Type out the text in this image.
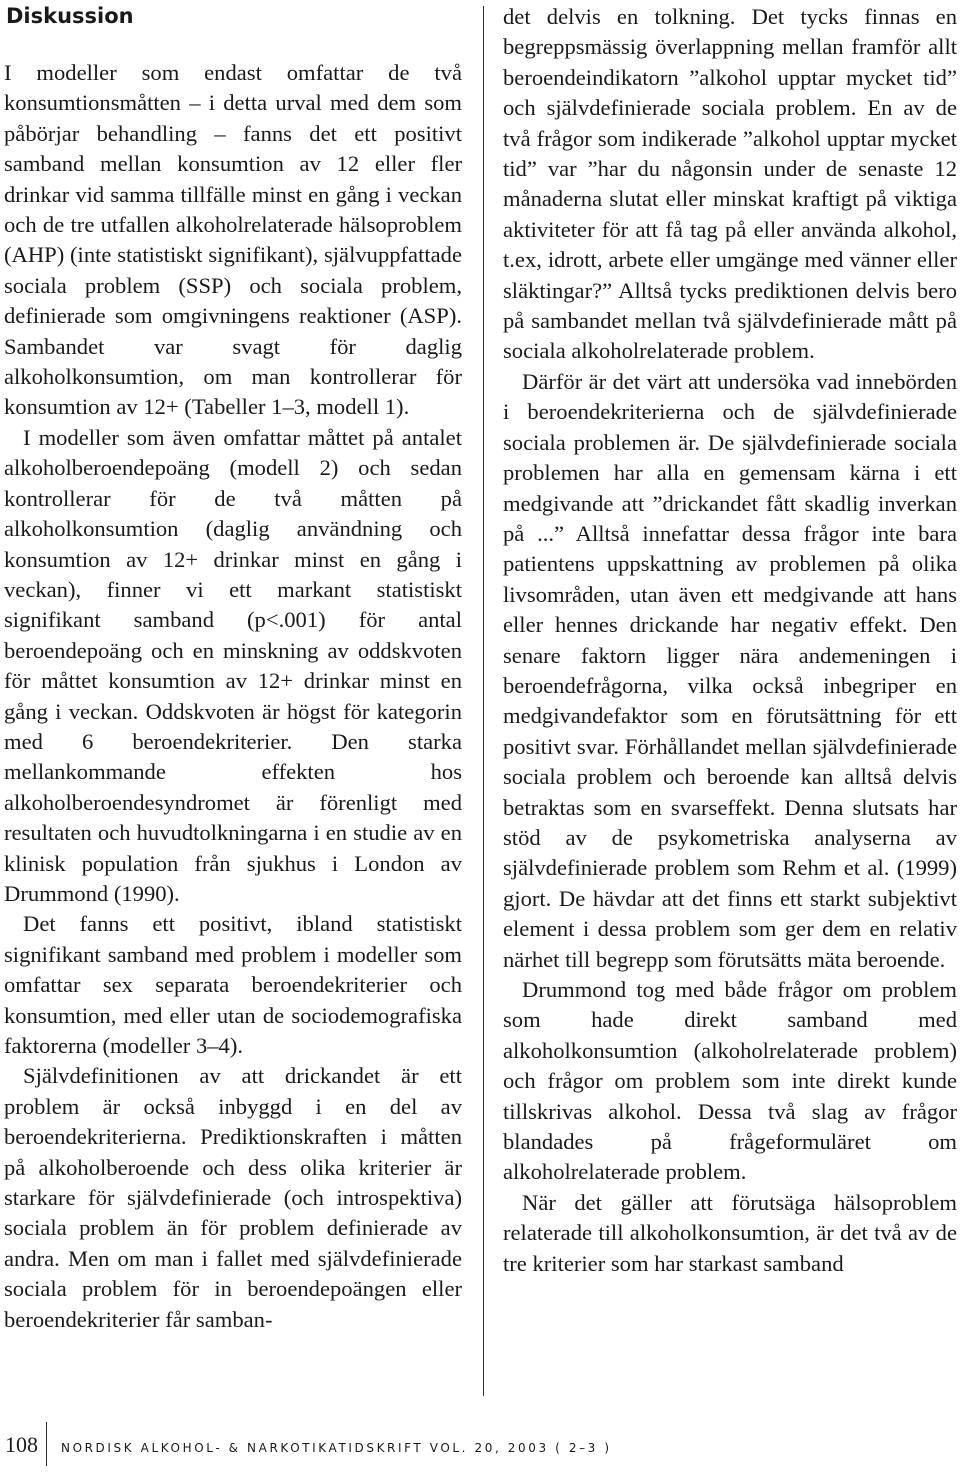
Diskussion

I modeller som endast omfattar de två konsumtionsmåtten – i detta urval med dem som påbörjar behandling – fanns det ett positivt samband mellan konsumtion av 12 eller fler drinkar vid samma tillfälle minst en gång i veckan och de tre utfallen alkoholrelaterade hälsoproblem (AHP) (inte statistiskt signifikant), självuppfattade sociala problem (SSP) och sociala problem, definierade som omgivningens reaktioner (ASP). Sambandet var svagt för daglig alkoholkonsumtion, om man kontrollerar för konsumtion av 12+ (Tabeller 1–3, modell 1).

I modeller som även omfattar måttet på antalet alkoholberoendepoäng (modell 2) och sedan kontrollerar för de två måtten på alkoholkonsumtion (daglig användning och konsumtion av 12+ drinkar minst en gång i veckan), finner vi ett markant statistiskt signifikant samband (p<.001) för antal beroendepoäng och en minskning av oddskvoten för måttet konsumtion av 12+ drinkar minst en gång i veckan. Oddskvoten är högst för kategorin med 6 beroendekriterier. Den starka mellankommande effekten hos alkoholberoendesyndromet är förenligt med resultaten och huvudtolkningarna i en studie av en klinisk population från sjukhus i London av Drummond (1990).

Det fanns ett positivt, ibland statistiskt signifikant samband med problem i modeller som omfattar sex separata beroendekriterier och konsumtion, med eller utan de sociodemografiska faktorerna (modeller 3–4).

Självdefinitionen av att drickandet är ett problem är också inbyggd i en del av beroendekriterierna. Prediktionskraften i måtten på alkoholberoende och dess olika kriterier är starkare för självdefinierade (och introspektiva) sociala problem än för problem definierade av andra. Men om man i fallet med självdefinierade sociala problem för in beroendepoängen eller beroendekriterier får samban-

det delvis en tolkning. Det tycks finnas en begreppsmässig överlappning mellan framför allt beroendeindikatorn ”alkohol upptar mycket tid” och självdefinierade sociala problem. En av de två frågor som indikerade ”alkohol upptar mycket tid” var ”har du någonsin under de senaste 12 månaderna slutat eller minskat kraftigt på viktiga aktiviteter för att få tag på eller använda alkohol, t.ex, idrott, arbete eller umgänge med vänner eller släktingar?” Alltså tycks prediktionen delvis bero på sambandet mellan två självdefinierade mått på sociala alkoholrelaterade problem.

Därför är det värt att undersöka vad innebörden i beroendekriterierna och de självdefinierade sociala problemen är. De självdefinierade sociala problemen har alla en gemensam kärna i ett medgivande att ”drickandet fått skadlig inverkan på ...” Alltså innefattar dessa frågor inte bara patientens uppskattning av problemen på olika livsområden, utan även ett medgivande att hans eller hennes drickande har negativ effekt. Den senare faktorn ligger nära andemeningen i beroendefrågorna, vilka också inbegriper en medgivandefaktor som en förutsättning för ett positivt svar. Förhållandet mellan självdefinierade sociala problem och beroende kan alltså delvis betraktas som en svarseffekt. Denna slutsats har stöd av de psykometriska analyserna av självdefinierade problem som Rehm et al. (1999) gjort. De hävdar att det finns ett starkt subjektivt element i dessa problem som ger dem en relativ närhet till begrepp som förutsätts mäta beroende.

Drummond tog med både frågor om problem som hade direkt samband med alkoholkonsumtion (alkoholrelaterade problem) och frågor om problem som inte direkt kunde tillskrivas alkohol. Dessa två slag av frågor blandades på frågeformuläret om alkoholrelaterade problem.

När det gäller att förutsäga hälsoproblem relaterade till alkoholkonsumtion, är det två av de tre kriterier som har starkast samband

108 NORDISK ALKOHOL- & NARKOTIKATIDSKRIFT VOL. 20, 2003 ( 2–3 )
